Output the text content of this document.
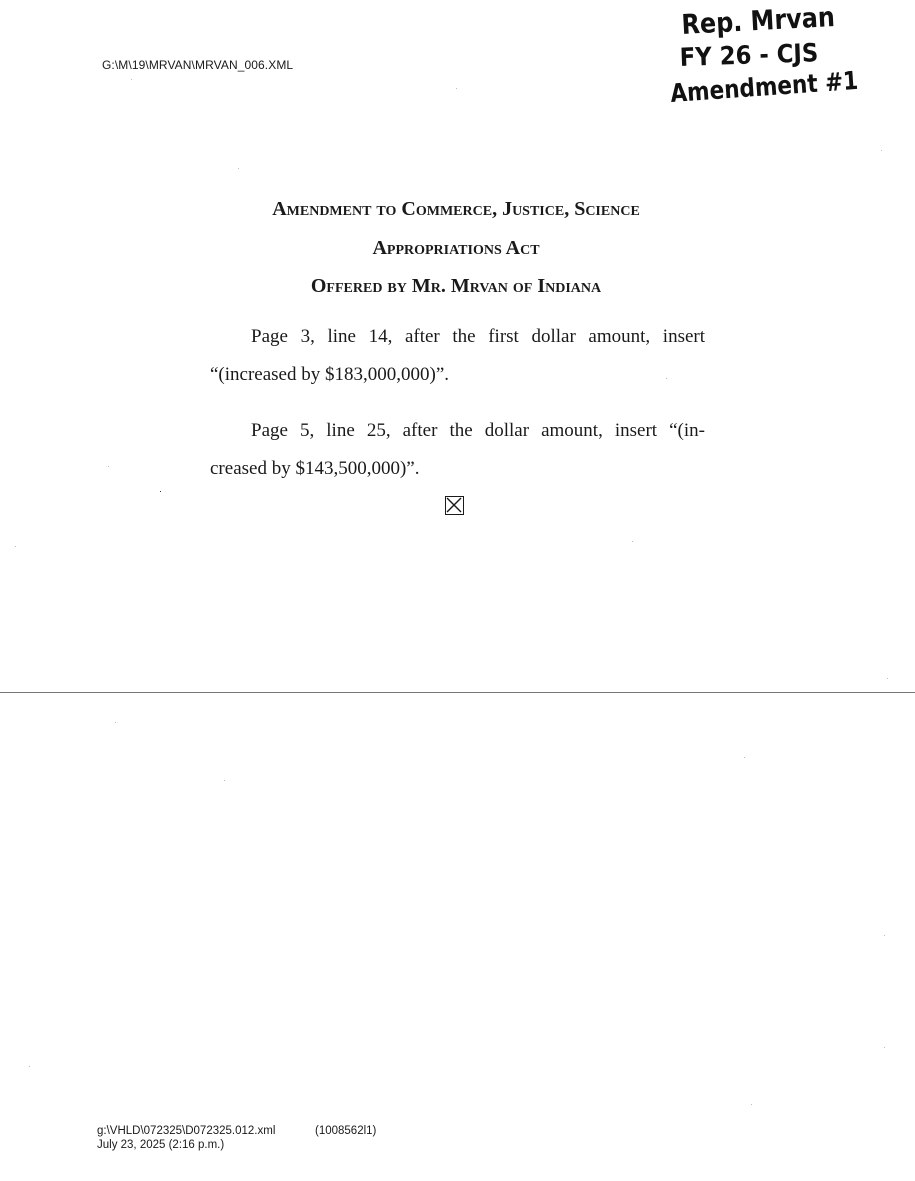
G:\M\19\MRVAN\MRVAN_006.XML
Rep. Mrvan
FY 26 - CJS
Amendment #1
Amendment to Commerce, Justice, Science
Appropriations Act
Offered by Mr. Mrvan of Indiana
Page 3, line 14, after the first dollar amount, insert
“(increased by $183,000,000)”.
Page 5, line 25, after the dollar amount, insert “(in-
creased by $143,500,000)”.
g:\VHLD\072325\D072325.012.xml	(1008562l1)
July 23, 2025 (2:16 p.m.)
